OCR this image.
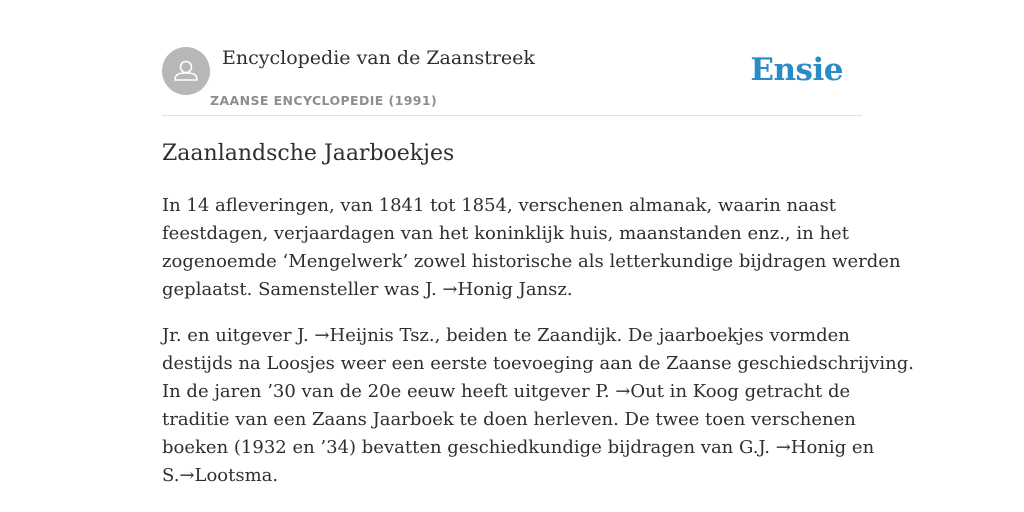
Encyclopedie van de Zaanstreek
ZAANSE ENCYCLOPEDIE (1991)
Ensie
Zaanlandsche Jaarboekjes

In 14 afleveringen, van 1841 tot 1854, verschenen almanak, waarin naast
feestdagen, verjaardagen van het koninklijk huis, maanstanden enz., in het
zogenoemde ‘Mengelwerk’ zowel historische als letterkundige bijdragen werden
geplaatst. Samensteller was J. →Honig Jansz.

Jr. en uitgever J. →Heijnis Tsz., beiden te Zaandijk. De jaarboekjes vormden
destijds na Loosjes weer een eerste toevoeging aan de Zaanse geschiedschrijving.
In de jaren ’30 van de 20e eeuw heeft uitgever P. →Out in Koog getracht de
traditie van een Zaans Jaarboek te doen herleven. De twee toen verschenen
boeken (1932 en ’34) bevatten geschiedkundige bijdragen van G.J. →Honig en
S.→Lootsma.
